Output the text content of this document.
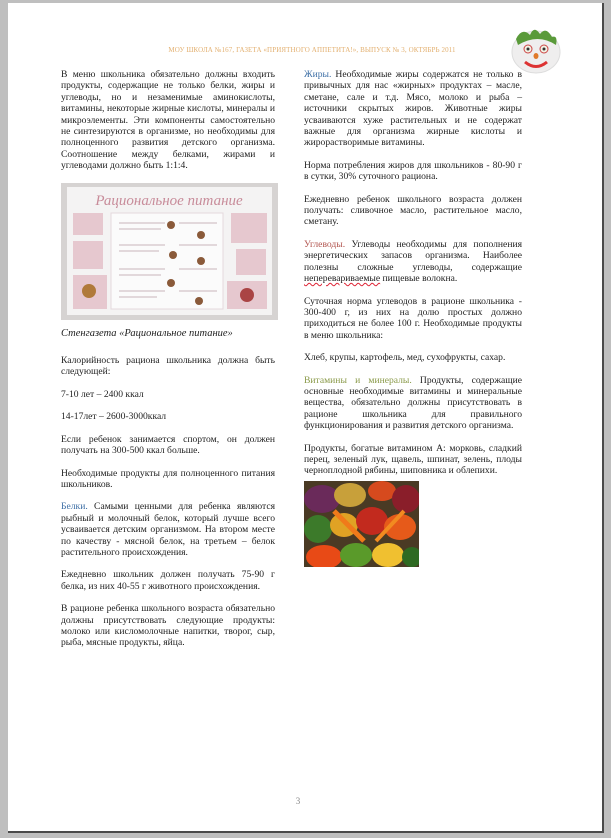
МОУ ШКОЛА №167, ГАЗЕТА «ПРИЯТНОГО АППЕТИТА!», ВЫПУСК № 3, ОКТЯБРЬ 2011

В меню школьника обязательно должны входить продукты, содержащие не только белки, жиры и углеводы, но и незаменимые аминокислоты, витамины, некоторые жирные кислоты, минералы и микроэлементы. Эти компоненты самостоятельно не синтезируются в организме, но необходимы для полноценного развития детского организма. Соотношение между белками, жирами и углеводами должно быть 1:1:4.

Рациональное питание

Стенгазета «Рациональное питание»

Калорийность рациона школьника должна быть следующей:

7-10 лет – 2400 ккал

14-17лет – 2600-3000ккал

Если ребенок занимается спортом, он должен получать на 300-500 ккал больше.

Необходимые продукты для полноценного питания школьников.

Белки. Самыми ценными для ребенка являются рыбный и молочный белок, который лучше всего усваивается детским организмом. На втором месте по качеству - мясной белок, на третьем – белок растительного происхождения.

Ежедневно школьник должен получать 75-90 г белка, из них 40-55 г животного происхождения.

В рационе ребенка школьного возраста обязательно должны присутствовать следующие продукты: молоко или кисломолочные напитки, творог, сыр, рыба, мясные продукты, яйца.

Жиры. Необходимые жиры содержатся не только в привычных для нас «жирных» продуктах – масле, сметане, сале и т.д. Мясо, молоко и рыба – источники скрытых жиров. Животные жиры усваиваются хуже растительных и не содержат важные для организма жирные кислоты и жирорастворимые витамины.

Норма потребления жиров для школьников - 80-90 г в сутки, 30% суточного рациона.

Ежедневно ребенок школьного возраста должен получать: сливочное масло, растительное масло, сметану.

Углеводы. Углеводы необходимы для пополнения энергетических запасов организма. Наиболее полезны сложные углеводы, содержащие неперевариваемые пищевые волокна.

Суточная норма углеводов в рационе школьника - 300-400 г, из них на долю простых должно приходиться не более 100 г. Необходимые продукты в меню школьника:

Хлеб, крупы, картофель, мед, сухофрукты, сахар.

Витамины и минералы. Продукты, содержащие основные необходимые витамины и минеральные вещества, обязательно должны присутствовать в рационе школьника для правильного функционирования и развития детского организма.

Продукты, богатые витамином А: морковь, сладкий перец, зеленый лук, щавель, шпинат, зелень, плоды черноплодной рябины, шиповника и облепихи.

3
